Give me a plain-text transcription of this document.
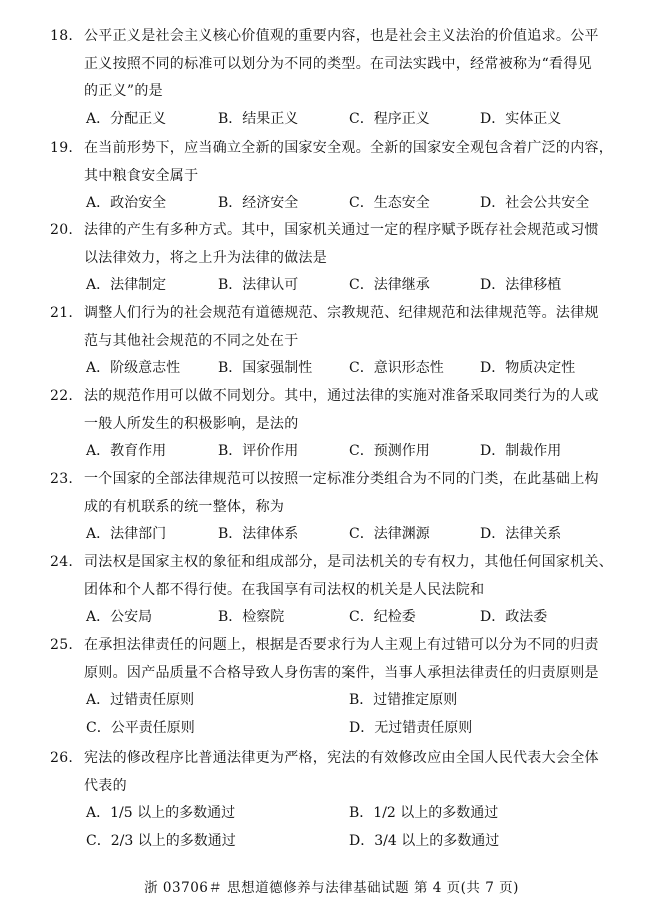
18. 公平正义是社会主义核心价值观的重要内容，也是社会主义法治的价值追求。公平
正义按照不同的标准可以划分为不同的类型。在司法实践中，经常被称为“看得见
的正义”的是
A．分配正义	B．结果正义	C．程序正义	D．实体正义
19. 在当前形势下，应当确立全新的国家安全观。全新的国家安全观包含着广泛的内容，
其中粮食安全属于
A．政治安全	B．经济安全	C．生态安全	D．社会公共安全
20. 法律的产生有多种方式。其中，国家机关通过一定的程序赋予既存社会规范或习惯
以法律效力，将之上升为法律的做法是
A．法律制定	B．法律认可	C．法律继承	D．法律移植
21. 调整人们行为的社会规范有道德规范、宗教规范、纪律规范和法律规范等。法律规
范与其他社会规范的不同之处在于
A．阶级意志性	B．国家强制性	C．意识形态性	D．物质决定性
22. 法的规范作用可以做不同划分。其中，通过法律的实施对准备采取同类行为的人或
一般人所发生的积极影响，是法的
A．教育作用	B．评价作用	C．预测作用	D．制裁作用
23. 一个国家的全部法律规范可以按照一定标准分类组合为不同的门类，在此基础上构
成的有机联系的统一整体，称为
A．法律部门	B．法律体系	C．法律渊源	D．法律关系
24. 司法权是国家主权的象征和组成部分，是司法机关的专有权力，其他任何国家机关、
团体和个人都不得行使。在我国享有司法权的机关是人民法院和
A．公安局	B．检察院	C．纪检委	D．政法委
25. 在承担法律责任的问题上，根据是否要求行为人主观上有过错可以分为不同的归责
原则。因产品质量不合格导致人身伤害的案件，当事人承担法律责任的归责原则是
A．过错责任原则	B．过错推定原则
C．公平责任原则	D．无过错责任原则
26. 宪法的修改程序比普通法律更为严格，宪法的有效修改应由全国人民代表大会全体
代表的
A．1/5 以上的多数通过	B．1/2 以上的多数通过
C．2/3 以上的多数通过	D．3/4 以上的多数通过
浙 03706＃ 思想道德修养与法律基础试题 第 4 页(共 7 页)
